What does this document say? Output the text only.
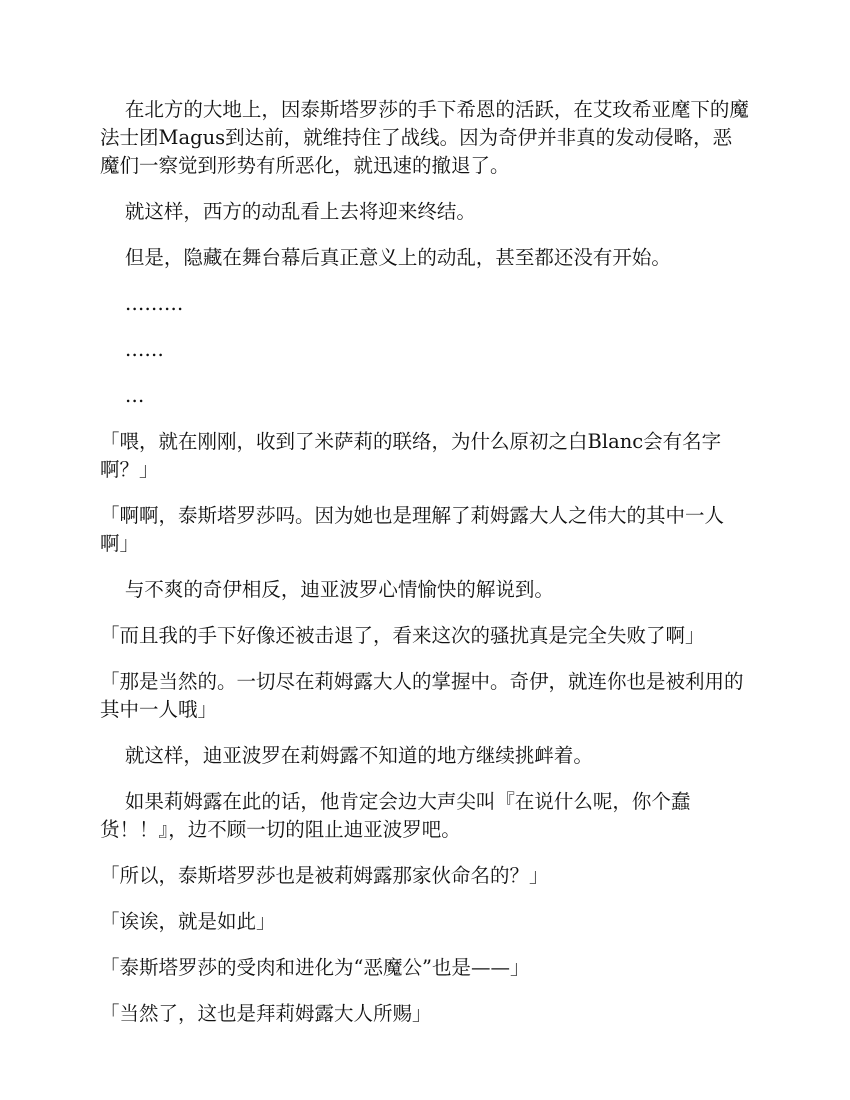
在北方的大地上，因泰斯塔罗莎的手下希恩的活跃，在艾玫希亚麾下的魔法士团Magus到达前，就维持住了战线。因为奇伊并非真的发动侵略，恶魔们一察觉到形势有所恶化，就迅速的撤退了。

就这样，西方的动乱看上去将迎来终结。

但是，隐藏在舞台幕后真正意义上的动乱，甚至都还没有开始。

………

……

…

「喂，就在刚刚，收到了米萨莉的联络，为什么原初之白Blanc会有名字啊？」

「啊啊，泰斯塔罗莎吗。因为她也是理解了莉姆露大人之伟大的其中一人啊」

与不爽的奇伊相反，迪亚波罗心情愉快的解说到。

「而且我的手下好像还被击退了，看来这次的骚扰真是完全失败了啊」

「那是当然的。一切尽在莉姆露大人的掌握中。奇伊，就连你也是被利用的其中一人哦」

就这样，迪亚波罗在莉姆露不知道的地方继续挑衅着。

如果莉姆露在此的话，他肯定会边大声尖叫『在说什么呢，你个蠢货！！』，边不顾一切的阻止迪亚波罗吧。

「所以，泰斯塔罗莎也是被莉姆露那家伙命名的？」

「诶诶，就是如此」

「泰斯塔罗莎的受肉和进化为“恶魔公”也是——」

「当然了，这也是拜莉姆露大人所赐」
